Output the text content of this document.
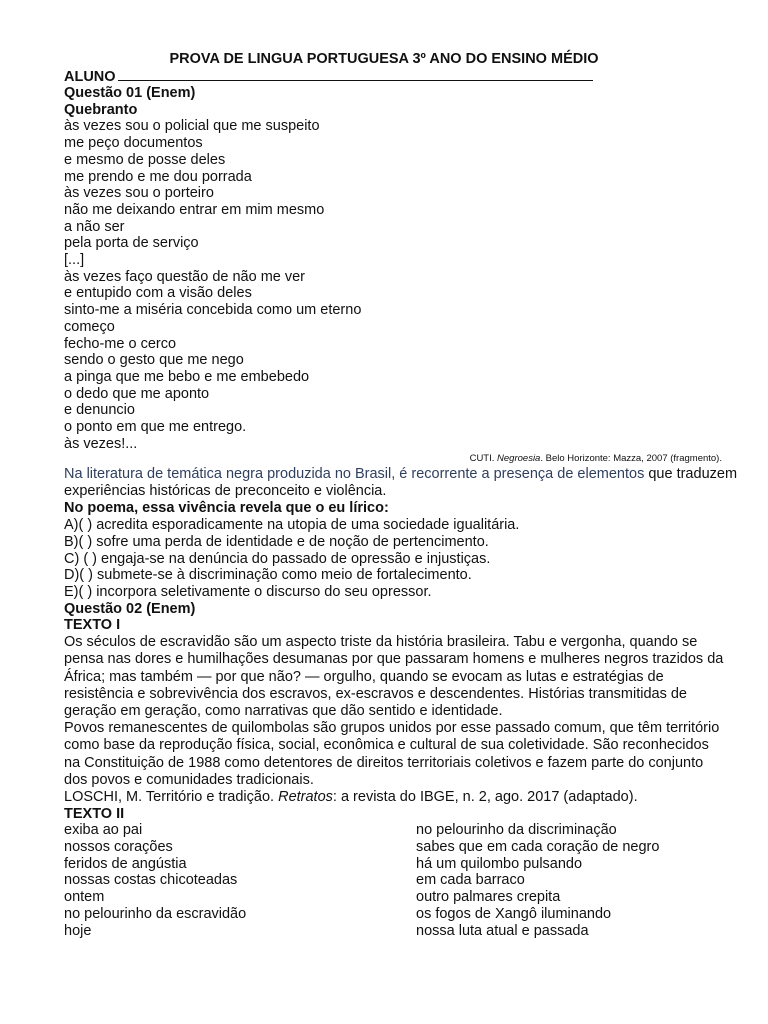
PROVA DE LINGUA PORTUGUESA 3º ANO DO ENSINO MÉDIO
ALUNO
Questão 01 (Enem)
Quebranto
às vezes sou o policial que me suspeito
me peço documentos
e mesmo de posse deles
me prendo e me dou porrada
às vezes sou o porteiro
não me deixando entrar em mim mesmo
a não ser
pela porta de serviço
[...]
às vezes faço questão de não me ver
e entupido com a visão deles
sinto-me a miséria concebida como um eterno
começo
fecho-me o cerco
sendo o gesto que me nego
a pinga que me bebo e me embebedo
o dedo que me aponto
e denuncio
o ponto em que me entrego.
às vezes!...
CUTI. Negroesia. Belo Horizonte: Mazza, 2007 (fragmento).
Na literatura de temática negra produzida no Brasil, é recorrente a presença de elementos que traduzem experiências históricas de preconceito e violência.
No poema, essa vivência revela que o eu lírico:
A)( ) acredita esporadicamente na utopia de uma sociedade igualitária.
B)( ) sofre uma perda de identidade e de noção de pertencimento.
C) ( ) engaja-se na denúncia do passado de opressão e injustiças.
D)( ) submete-se à discriminação como meio de fortalecimento.
E)( ) incorpora seletivamente o discurso do seu opressor.
Questão 02 (Enem)
TEXTO I
Os séculos de escravidão são um aspecto triste da história brasileira. Tabu e vergonha, quando se pensa nas dores e humilhações desumanas por que passaram homens e mulheres negros trazidos da África; mas também — por que não? — orgulho, quando se evocam as lutas e estratégias de resistência e sobrevivência dos escravos, ex-escravos e descendentes. Histórias transmitidas de geração em geração, como narrativas que dão sentido e identidade.
Povos remanescentes de quilombolas são grupos unidos por esse passado comum, que têm território como base da reprodução física, social, econômica e cultural de sua coletividade. São reconhecidos na Constituição de 1988 como detentores de direitos territoriais coletivos e fazem parte do conjunto dos povos e comunidades tradicionais.
LOSCHI, M. Território e tradição. Retratos: a revista do IBGE, n. 2, ago. 2017 (adaptado).
TEXTO II
exiba ao pai
nossos corações
feridos de angústia
nossas costas chicoteadas
ontem
no pelourinho da escravidão
hoje
no pelourinho da discriminação
sabes que em cada coração de negro
há um quilombo pulsando
em cada barraco
outro palmares crepita
os fogos de Xangô iluminando
nossa luta atual e passada
